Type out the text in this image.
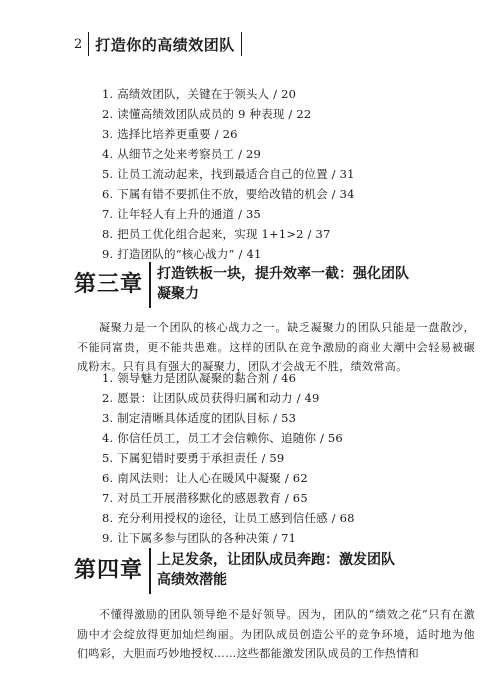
2 打造你的高绩效团队
1. 高绩效团队，关键在于领头人 / 20
2. 读懂高绩效团队成员的 9 种表现 / 22
3. 选择比培养更重要 / 26
4. 从细节之处来考察员工 / 29
5. 让员工流动起来，找到最适合自己的位置 / 31
6. 下属有错不要抓住不放，要给改错的机会 / 34
7. 让年轻人有上升的通道 / 35
8. 把员工优化组合起来，实现 1+1>2 / 37
9. 打造团队的“核心战力” / 41
第三章	打造铁板一块，提升效率一截：强化团队
凝聚力
凝聚力是一个团队的核心战力之一。缺乏凝聚力的团队只能是一盘散沙，不能同富贵，更不能共患难。这样的团队在竞争激励的商业大潮中会轻易被碾成粉末。只有具有强大的凝聚力，团队才会战无不胜，绩效常高。
1. 领导魅力是团队凝聚的黏合剂 / 46
2. 愿景：让团队成员获得归属和动力 / 49
3. 制定清晰具体适度的团队目标 / 53
4. 你信任员工，员工才会信赖你、追随你 / 56
5. 下属犯错时要勇于承担责任 / 59
6. 南风法则：让人心在暖风中凝聚 / 62
7. 对员工开展潜移默化的感恩教育 / 65
8. 充分利用授权的途径，让员工感到信任感 / 68
9. 让下属多参与团队的各种决策 / 71
第四章	上足发条，让团队成员奔跑：激发团队
高绩效潜能
不懂得激励的团队领导绝不是好领导。因为，团队的“绩效之花”只有在激励中才会绽放得更加灿烂绚丽。为团队成员创造公平的竞争环境，适时地为他们鸣彩，大胆而巧妙地授权……这些都能激发团队成员的工作热情和
